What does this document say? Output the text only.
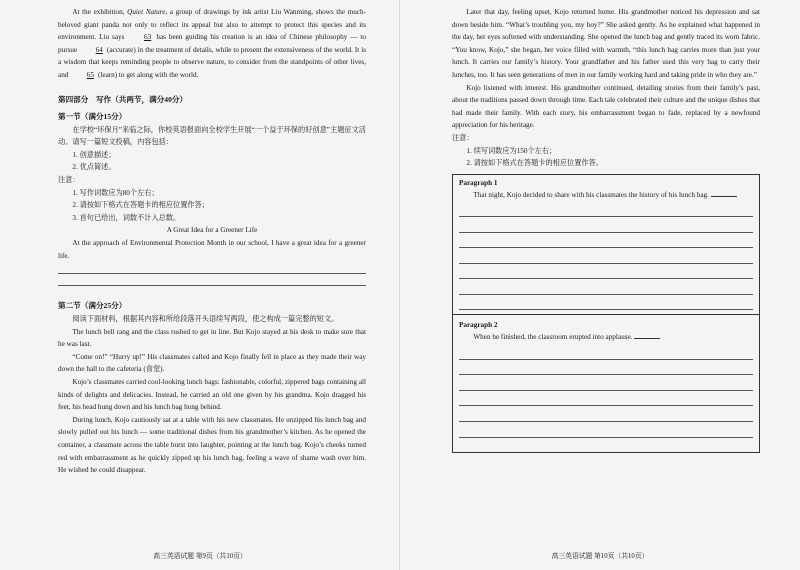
At the exhibition, Quiet Nature, a group of drawings by ink artist Liu Wanming, shows the much-beloved giant panda not only to reflect its appeal but also to attempt to protect this species and its environment. Liu says 63 has been guiding his creation is an idea of Chinese philosophy — to pursue 64 (accurate) in the treatment of details, while to present the extensiveness of the world. It is a wisdom that keeps reminding people to observe nature, to consider from the standpoints of other lives, and 65 (learn) to get along with the world.

第四部分　写作（共两节，满分40分）
第一节（满分15分）

在学校“环保月”来临之际，你校英语报面向全校学生开展“一个益于环保的好创意”主题征文活动。请写一篇短文投稿，内容包括：

1. 创意描述；

2. 优点简述。

注意：

1. 写作词数应为80个左右；

2. 请按如下格式在答题卡的相应位置作答；

3. 首句已给出，词数不计入总数。

A Great Idea for a Greener Life

At the approach of Environmental Protection Month in our school, I have a great idea for a greener life.

第二节（满分25分）

阅读下面材料，根据其内容和所给段落开头语续写两段，使之构成一篇完整的短文。

The lunch bell rang and the class rushed to get in line. But Kojo stayed at his desk to make sure that he was last.

“Come on!” “Hurry up!” His classmates called and Kojo finally fell in place as they made their way down the hall to the cafeteria (食堂).

Kojo’s classmates carried cool-looking lunch bags: fashionable, colorful, zippered bags containing all kinds of delights and delicacies. Instead, he carried an old one given by his grandma. Kojo dragged his feet, his head hung down and his lunch bag hung behind.

During lunch, Kojo cautiously sat at a table with his new classmates. He unzipped his lunch bag and slowly pulled out his lunch — some traditional dishes from his grandmother’s kitchen. As he opened the container, a classmate across the table burst into laughter, pointing at the lunch bag. Kojo’s cheeks turned red with embarrassment as he quickly zipped up his lunch bag, feeling a wave of shame wash over him. He wished he could disappear.

高三英语试题 第9页（共10页）

Later that day, feeling upset, Kojo returned home. His grandmother noticed his depression and sat down beside him. “What’s troubling you, my boy?” She asked gently. As he explained what happened in the day, her eyes softened with understanding. She opened the lunch bag and gently traced its worn fabric. “You know, Kojo,” she began, her voice filled with warmth, “this lunch bag carries more than just your lunch. It carries our family’s history. Your grandfather and his father used this very bag to carry their lunches, too. It has seen generations of men in our family working hard and taking pride in who they are.”

Kojo listened with interest. His grandmother continued, detailing stories from their family’s past, about the traditions passed down through time. Each tale celebrated their culture and the unique dishes that had made their family. With each story, his embarrassment began to fade, replaced by a newfound appreciation for his heritage.

注意：

1. 续写词数应为150个左右；

2. 请按如下格式在答题卡的相应位置作答。

Paragraph 1

That night, Kojo decided to share with his classmates the history of his lunch bag.

Paragraph 2

When he finished, the classroom erupted into applause.

高三英语试题 第10页（共10页）
